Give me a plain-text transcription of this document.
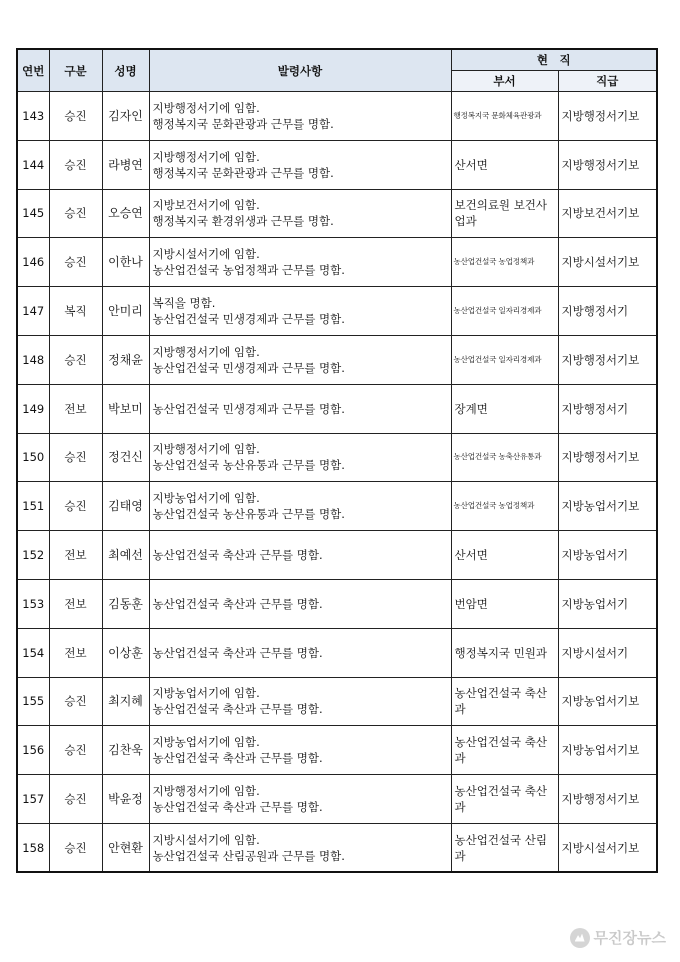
연번	구분	성명	발령사항	현　직	
				부서	직급
143	승진	김자인	지방행정서기에 임함.
행정복지국 문화관광과 근무를 명함.	행정복지국 문화체육관광과	지방행정서기보
144	승진	라병연	지방행정서기에 임함.
행정복지국 문화관광과 근무를 명함.	산서면	지방행정서기보
145	승진	오승연	지방보건서기에 임함.
행정복지국 환경위생과 근무를 명함.	보건의료원 보건사업과	지방보건서기보
146	승진	이한나	지방시설서기에 임함.
농산업건설국 농업정책과 근무를 명함.	농산업건설국 농업정책과	지방시설서기보
147	복직	안미리	복직을 명함.
농산업건설국 민생경제과 근무를 명함.	농산업건설국 일자리경제과	지방행정서기
148	승진	정채윤	지방행정서기에 임함.
농산업건설국 민생경제과 근무를 명함.	농산업건설국 일자리경제과	지방행정서기보
149	전보	박보미	농산업건설국 민생경제과 근무를 명함.	장계면	지방행정서기
150	승진	정건신	지방행정서기에 임함.
농산업건설국 농산유통과 근무를 명함.	농산업건설국 농축산유통과	지방행정서기보
151	승진	김태영	지방농업서기에 임함.
농산업건설국 농산유통과 근무를 명함.	농산업건설국 농업정책과	지방농업서기보
152	전보	최예선	농산업건설국 축산과 근무를 명함.	산서면	지방농업서기
153	전보	김동훈	농산업건설국 축산과 근무를 명함.	번암면	지방농업서기
154	전보	이상훈	농산업건설국 축산과 근무를 명함.	행정복지국 민원과	지방시설서기
155	승진	최지혜	지방농업서기에 임함.
농산업건설국 축산과 근무를 명함.	농산업건설국 축산과	지방농업서기보
156	승진	김찬욱	지방농업서기에 임함.
농산업건설국 축산과 근무를 명함.	농산업건설국 축산과	지방농업서기보
157	승진	박윤정	지방행정서기에 임함.
농산업건설국 축산과 근무를 명함.	농산업건설국 축산과	지방행정서기보
158	승진	안현환	지방시설서기에 임함.
농산업건설국 산림공원과 근무를 명함.	농산업건설국 산림과	지방시설서기보
무진장뉴스
